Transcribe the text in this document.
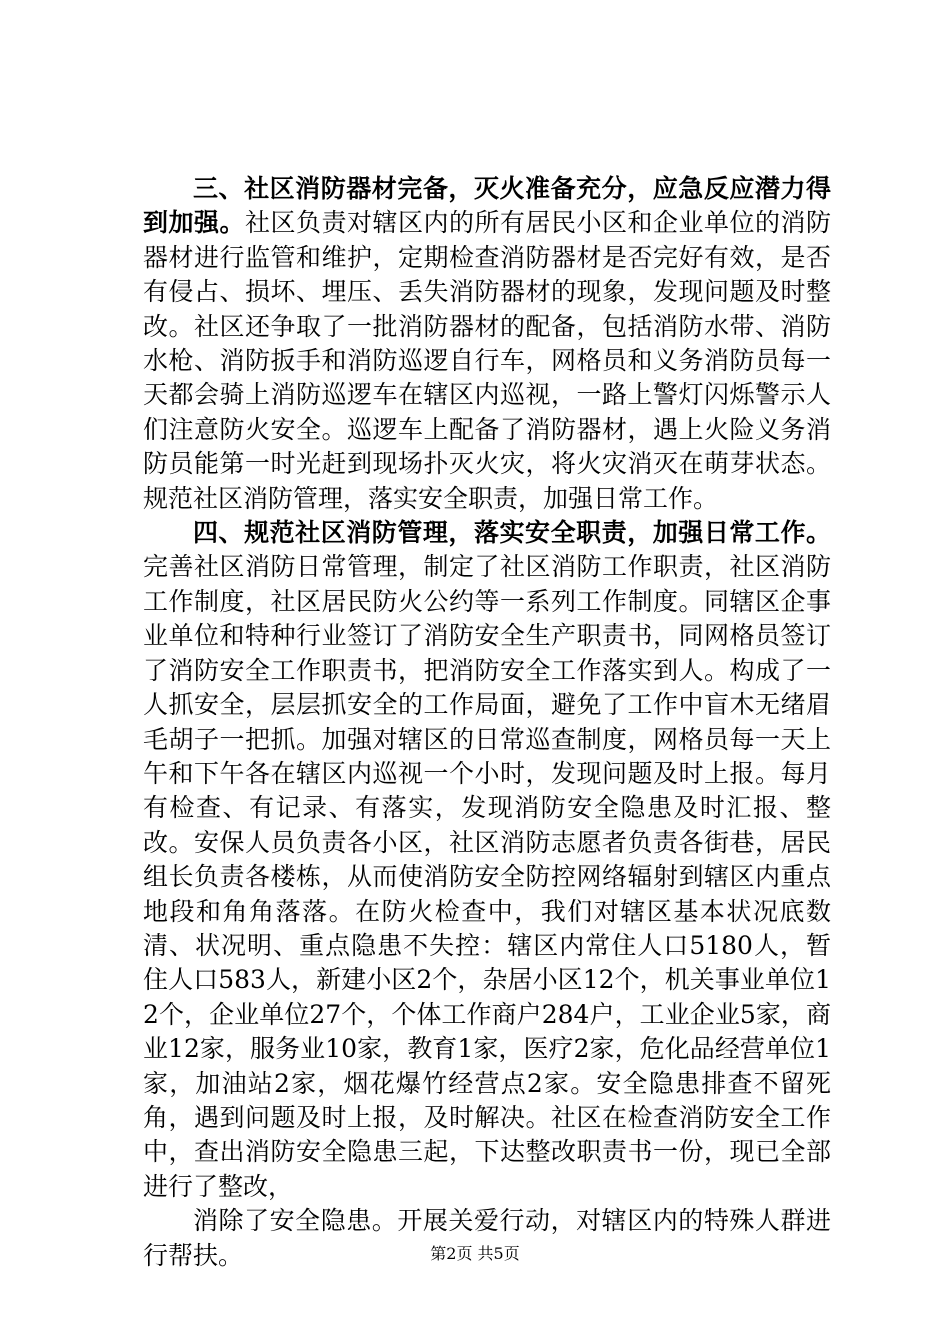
三、社区消防器材完备，灭火准备充分，应急反应潜力得到加强。社区负责对辖区内的所有居民小区和企业单位的消防器材进行监管和维护，定期检查消防器材是否完好有效，是否有侵占、损坏、埋压、丢失消防器材的现象，发现问题及时整改。社区还争取了一批消防器材的配备，包括消防水带、消防水枪、消防扳手和消防巡逻自行车，网格员和义务消防员每一天都会骑上消防巡逻车在辖区内巡视，一路上警灯闪烁警示人们注意防火安全。巡逻车上配备了消防器材，遇上火险义务消防员能第一时光赶到现场扑灭火灾，将火灾消灭在萌芽状态。规范社区消防管理，落实安全职责，加强日常工作。

四、规范社区消防管理，落实安全职责，加强日常工作。完善社区消防日常管理，制定了社区消防工作职责，社区消防工作制度，社区居民防火公约等一系列工作制度。同辖区企事业单位和特种行业签订了消防安全生产职责书，同网格员签订了消防安全工作职责书，把消防安全工作落实到人。构成了一人抓安全，层层抓安全的工作局面，避免了工作中盲木无绪眉毛胡子一把抓。加强对辖区的日常巡查制度，网格员每一天上午和下午各在辖区内巡视一个小时，发现问题及时上报。每月有检查、有记录、有落实，发现消防安全隐患及时汇报、整改。安保人员负责各小区，社区消防志愿者负责各街巷，居民组长负责各楼栋，从而使消防安全防控网络辐射到辖区内重点地段和角角落落。在防火检查中，我们对辖区基本状况底数清、状况明、重点隐患不失控：辖区内常住人口5180人，暂住人口583人，新建小区2个，杂居小区12个，机关事业单位12个，企业单位27个，个体工作商户284户，工业企业5家，商业12家，服务业10家，教育1家，医疗2家，危化品经营单位1家，加油站2家，烟花爆竹经营点2家。安全隐患排查不留死角，遇到问题及时上报，及时解决。社区在检查消防安全工作中，查出消防安全隐患三起，下达整改职责书一份，现已全部进行了整改，

消除了安全隐患。开展关爱行动，对辖区内的特殊人群进行帮扶。	第2页 共5页
